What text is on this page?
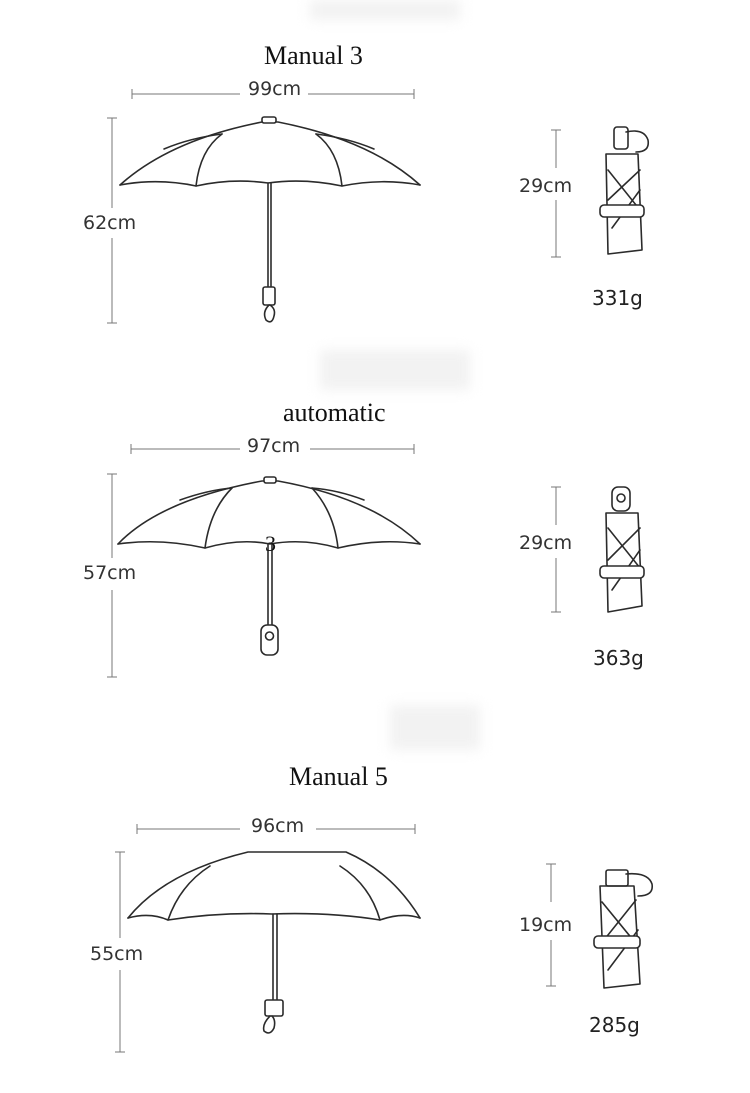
Manual 3
99cm
62cm
29cm
331g
automatic
97cm
57cm
3	29cm
363g
Manual 5
96cm
55cm
19cm
285g
